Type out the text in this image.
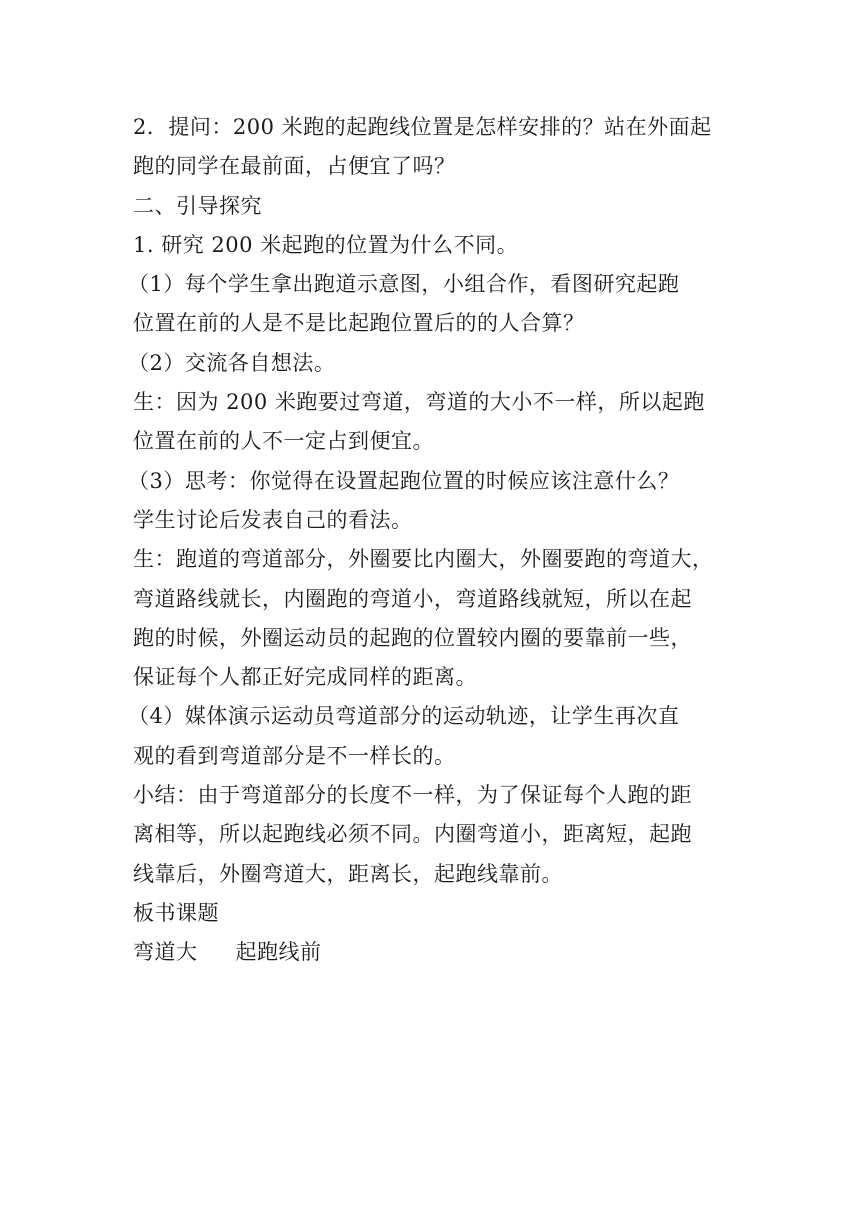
2．提问：200 米跑的起跑线位置是怎样安排的？站在外面起
跑的同学在最前面，占便宜了吗？
二、引导探究
1. 研究 200 米起跑的位置为什么不同。
（1）每个学生拿出跑道示意图，小组合作，看图研究起跑
位置在前的人是不是比起跑位置后的的人合算？
（2）交流各自想法。
生：因为 200 米跑要过弯道，弯道的大小不一样，所以起跑
位置在前的人不一定占到便宜。
（3）思考：你觉得在设置起跑位置的时候应该注意什么？
学生讨论后发表自己的看法。
生：跑道的弯道部分，外圈要比内圈大，外圈要跑的弯道大，
弯道路线就长，内圈跑的弯道小，弯道路线就短，所以在起
跑的时候，外圈运动员的起跑的位置较内圈的要靠前一些，
保证每个人都正好完成同样的距离。
（4）媒体演示运动员弯道部分的运动轨迹，让学生再次直
观的看到弯道部分是不一样长的。
小结：由于弯道部分的长度不一样，为了保证每个人跑的距
离相等，所以起跑线必须不同。内圈弯道小，距离短，起跑
线靠后，外圈弯道大，距离长，起跑线靠前。
板书课题
弯道大 起跑线前
